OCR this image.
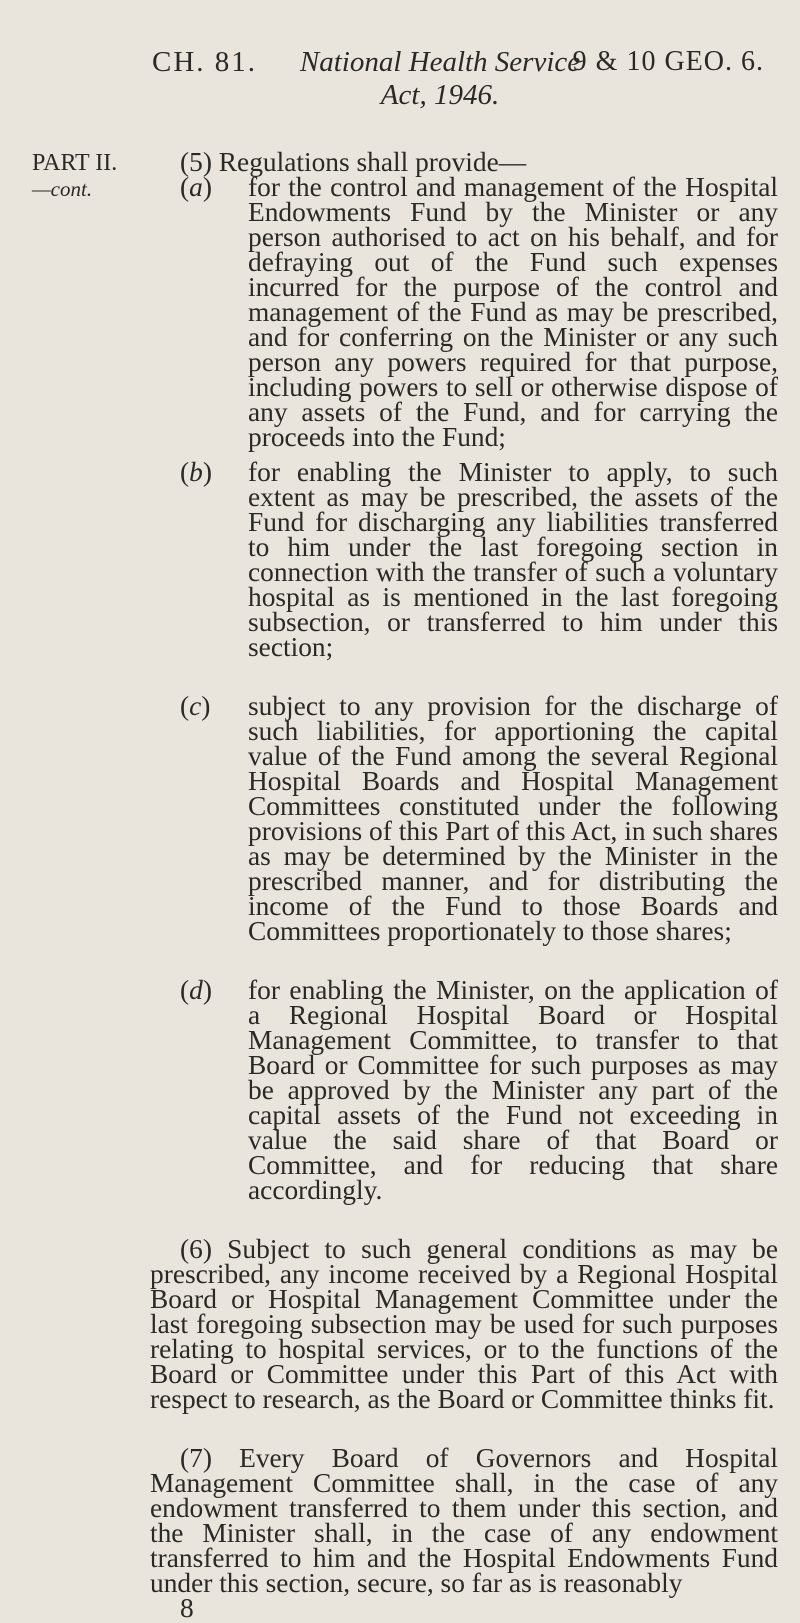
CH. 81.	National Health Service
Act, 1946.
9 & 10 GEO. 6.
PART II.
—cont.

(5) Regulations shall provide—

(a) for the control and management of the Hospital Endowments Fund by the Minister or any person authorised to act on his behalf, and for defraying out of the Fund such expenses incurred for the purpose of the control and management of the Fund as may be prescribed, and for conferring on the Minister or any such person any powers required for that purpose, including powers to sell or otherwise dispose of any assets of the Fund, and for carrying the proceeds into the Fund;

(b) for enabling the Minister to apply, to such extent as may be prescribed, the assets of the Fund for discharging any liabilities transferred to him under the last foregoing section in connection with the transfer of such a voluntary hospital as is mentioned in the last foregoing subsection, or transferred to him under this section;

(c) subject to any provision for the discharge of such liabilities, for apportioning the capital value of the Fund among the several Regional Hospital Boards and Hospital Management Committees constituted under the following provisions of this Part of this Act, in such shares as may be determined by the Minister in the prescribed manner, and for distributing the income of the Fund to those Boards and Committees proportionately to those shares;

(d) for enabling the Minister, on the application of a Regional Hospital Board or Hospital Management Committee, to transfer to that Board or Committee for such purposes as may be approved by the Minister any part of the capital assets of the Fund not exceeding in value the said share of that Board or Committee, and for reducing that share accordingly.

(6) Subject to such general conditions as may be prescribed, any income received by a Regional Hospital Board or Hospital Management Committee under the last foregoing subsection may be used for such purposes relating to hospital services, or to the functions of the Board or Committee under this Part of this Act with respect to research, as the Board or Committee thinks fit.

(7) Every Board of Governors and Hospital Management Committee shall, in the case of any endowment transferred to them under this section, and the Minister shall, in the case of any endowment transferred to him and the Hospital Endowments Fund under this section, secure, so far as is reasonably

8
